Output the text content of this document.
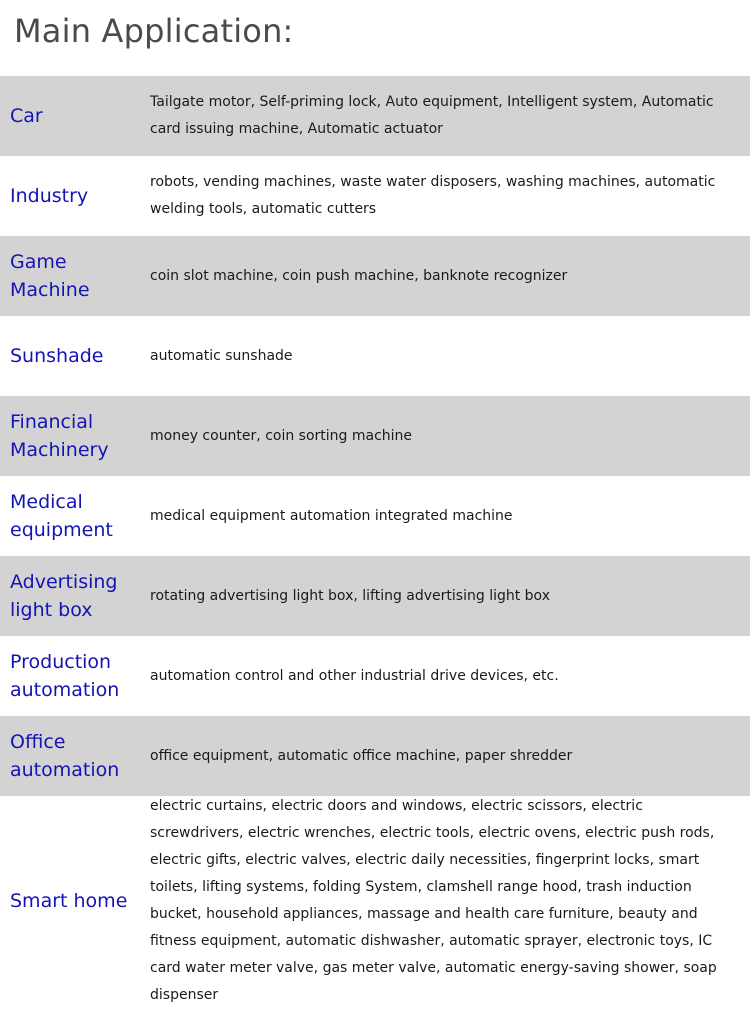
Main Application:
Car
Tailgate motor, Self-priming lock, Auto equipment, Intelligent system, Automatic card issuing machine, Automatic actuator
Industry
robots, vending machines, waste water disposers, washing machines, automatic welding tools, automatic cutters
Game Machine
coin slot machine, coin push machine, banknote recognizer
Sunshade	automatic sunshade
Financial Machinery
money counter, coin sorting machine
Medical equipment
medical equipment automation integrated machine
Advertising light box
rotating advertising light box, lifting advertising light box
Production automation
automation control and other industrial drive devices, etc.
Office automation
office equipment, automatic office machine, paper shredder
Smart home
electric curtains, electric doors and windows, electric scissors, electric screwdrivers, electric wrenches, electric tools, electric ovens, electric push rods, electric gifts, electric valves, electric daily necessities, fingerprint locks, smart toilets, lifting systems, folding System, clamshell range hood, trash induction bucket, household appliances, massage and health care furniture, beauty and fitness equipment, automatic dishwasher, automatic sprayer, electronic toys, IC card water meter valve, gas meter valve, automatic energy-saving shower, soap dispenser
